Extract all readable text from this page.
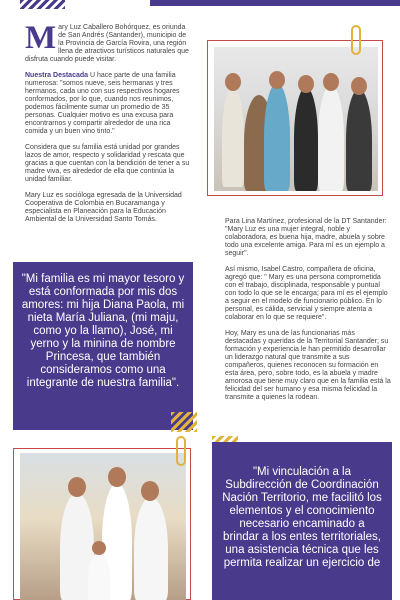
M ary Luz Caballero Bohórquez, es oriunda de San Andrés (Santander), municipio de la Provincia de García Rovira, una región llena de atractivos turísticos naturales que disfruta cuando puede visitar.

Nuestra Destacada U hace parte de una familia numerosa: "somos nueve, seis hermanas y tres hermanos, cada uno con sus respectivos hogares conformados, por lo que, cuando nos reunimos, podemos fácilmente sumar un promedio de 35 personas. Cualquier motivo es una excusa para encontrarnos y compartir alrededor de una rica comida y un buen vino tinto."

Considera que su familia está unidad por grandes lazos de amor, respecto y solidaridad y rescata que gracias a que cuentan con la bendición de tener a su madre viva, es alrededor de ella que continúa la unidad familiar.

Mary Luz es socióloga egresada de la Universidad Cooperativa de Colombia en Bucaramanga y especialista en Planeación para la Educación Ambiental de la Universidad Santo Tomás.	Para Lina Martínez, profesional de la DT Santander: "Mary Luz es una mujer integral, noble y colaboradora, es buena hija, madre, abuela y sobre todo una excelente amiga. Para mí es un ejemplo a seguir".

Así mismo, Isabel Castro, compañera de oficina, agregó que: " Mary es una persona comprometida con el trabajo, disciplinada, responsable y puntual con todo lo que se le encarga; para mí es el ejemplo a seguir en el modelo de funcionario público. En lo personal, es cálida, servicial y siempre atenta a colaborar en lo que se requiere".

Hoy, Mary es una de las funcionarias más destacadas y queridas de la Territorial Santander; su formación y experiencia le han permitido desarrollar un liderazgo natural que transmite a sus compañeros, quienes reconocen su formación en esta área, pero, sobre todo, es la abuela y madre amorosa que tiene muy claro que en la familia está la felicidad del ser humano y esa misma felicidad la transmite a quienes la rodean.

"Mi familia es mi mayor tesoro y está conformada por mis dos amores: mi hija Diana Paola, mi nieta María Juliana, (mi maju, como yo la llamo), José, mi yerno y la minina de nombre Princesa, que también consideramos como una integrante de nuestra familia".
"Mi vinculación a la Subdirección de Coordinación Nación Territorio, me facilitó los elementos y el conocimiento necesario encaminado a brindar a los entes territoriales, una asistencia técnica que les permita realizar un ejercicio de
